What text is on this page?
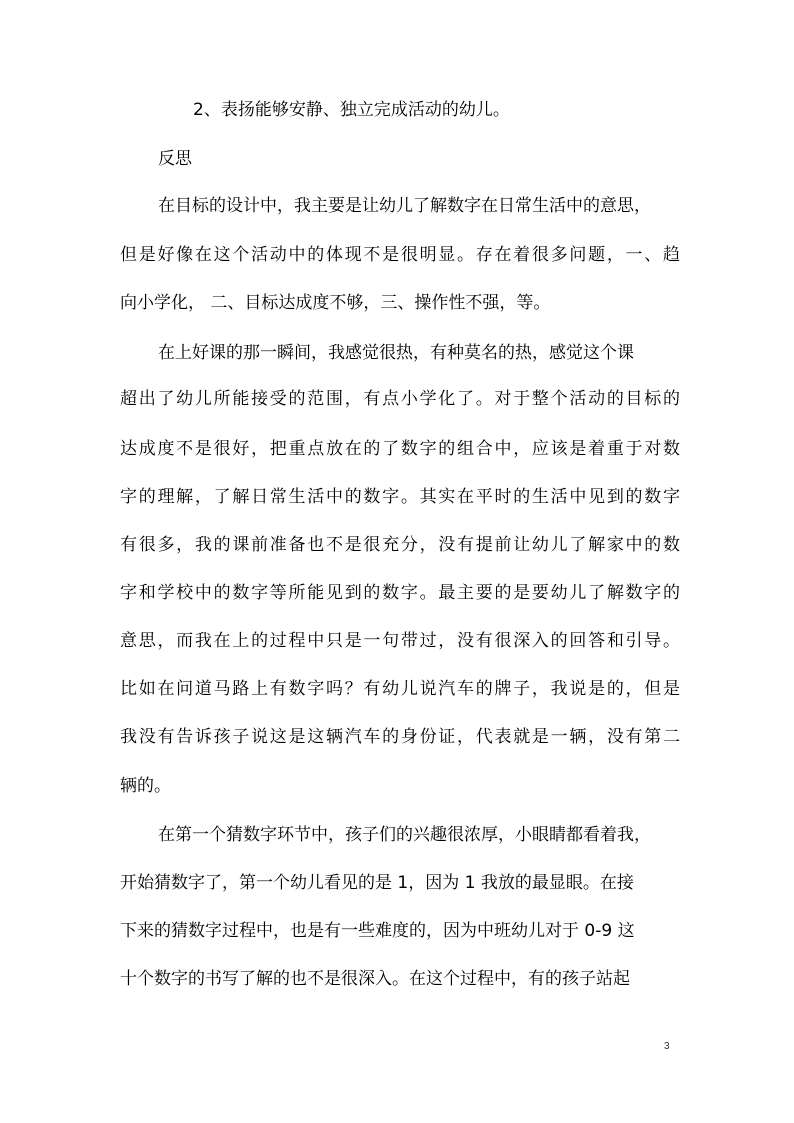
2、表扬能够安静、独立完成活动的幼儿。
反思
在目标的设计中，我主要是让幼儿了解数字在日常生活中的意思，
但是好像在这个活动中的体现不是很明显。存在着很多问题，一、趋
向小学化， 二、目标达成度不够，三、操作性不强，等。
在上好课的那一瞬间，我感觉很热，有种莫名的热，感觉这个课
超出了幼儿所能接受的范围，有点小学化了。对于整个活动的目标的
达成度不是很好，把重点放在的了数字的组合中，应该是着重于对数
字的理解，了解日常生活中的数字。其实在平时的生活中见到的数字
有很多，我的课前准备也不是很充分，没有提前让幼儿了解家中的数
字和学校中的数字等所能见到的数字。最主要的是要幼儿了解数字的
意思，而我在上的过程中只是一句带过，没有很深入的回答和引导。
比如在问道马路上有数字吗？有幼儿说汽车的牌子，我说是的，但是
我没有告诉孩子说这是这辆汽车的身份证，代表就是一辆，没有第二
辆的。
在第一个猜数字环节中，孩子们的兴趣很浓厚，小眼睛都看着我，
开始猜数字了，第一个幼儿看见的是 1，因为 1 我放的最显眼。在接
下来的猜数字过程中，也是有一些难度的，因为中班幼儿对于 0-9 这
十个数字的书写了解的也不是很深入。在这个过程中，有的孩子站起
3
